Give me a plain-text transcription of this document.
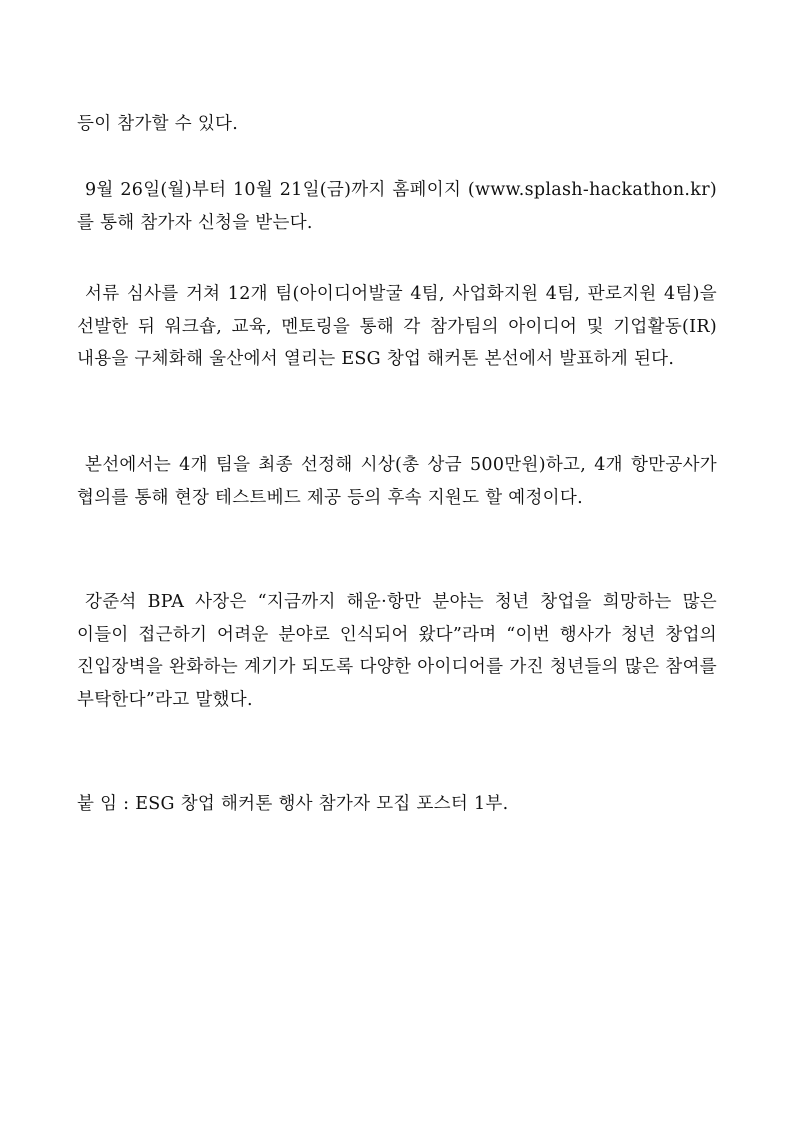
등이 참가할 수 있다.

9월 26일(월)부터 10월 21일(금)까지 홈페이지 (www.splash-hackathon.kr)를 통해 참가자 신청을 받는다.

서류 심사를 거쳐 12개 팀(아이디어발굴 4팀, 사업화지원 4팀, 판로지원 4팀)을 선발한 뒤 워크숍, 교육, 멘토링을 통해 각 참가팀의 아이디어 및 기업활동(IR) 내용을 구체화해 울산에서 열리는 ESG 창업 해커톤 본선에서 발표하게 된다.

본선에서는 4개 팀을 최종 선정해 시상(총 상금 500만원)하고, 4개 항만공사가 협의를 통해 현장 테스트베드 제공 등의 후속 지원도 할 예정이다.

강준석 BPA 사장은 “지금까지 해운·항만 분야는 청년 창업을 희망하는 많은 이들이 접근하기 어려운 분야로 인식되어 왔다”라며 “이번 행사가 청년 창업의 진입장벽을 완화하는 계기가 되도록 다양한 아이디어를 가진 청년들의 많은 참여를 부탁한다”라고 말했다.

붙 임 : ESG 창업 해커톤 행사 참가자 모집 포스터 1부.
